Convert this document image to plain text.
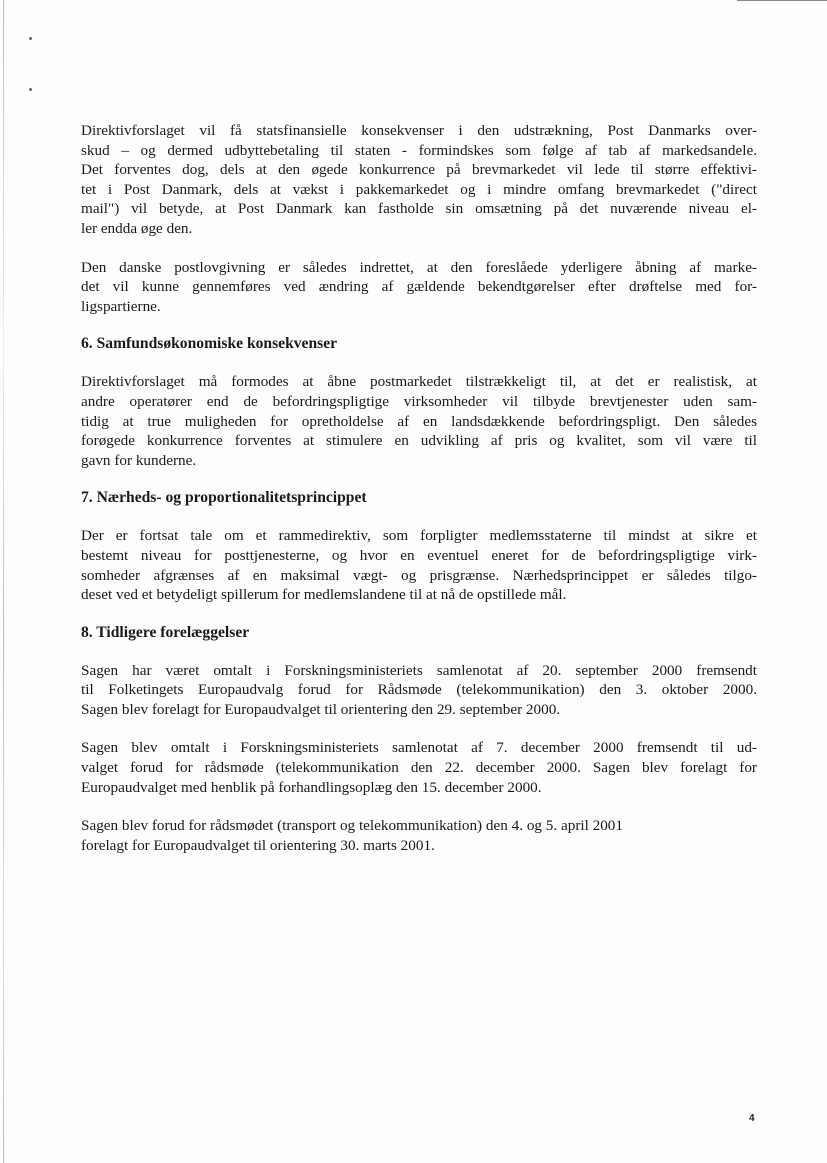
Direktivforslaget vil få statsfinansielle konsekvenser i den udstrækning, Post Danmarks over-
skud – og dermed udbyttebetaling til staten - formindskes som følge af tab af markedsandele.
Det forventes dog, dels at den øgede konkurrence på brevmarkedet vil lede til større effektivi-
tet i Post Danmark, dels at vækst i pakkemarkedet og i mindre omfang brevmarkedet ("direct
mail") vil betyde, at Post Danmark kan fastholde sin omsætning på det nuværende niveau el-
ler endda øge den.

Den danske postlovgivning er således indrettet, at den foreslåede yderligere åbning af marke-
det vil kunne gennemføres ved ændring af gældende bekendtgørelser efter drøftelse med for-
ligspartierne.

6. Samfundsøkonomiske konsekvenser

Direktivforslaget må formodes at åbne postmarkedet tilstrækkeligt til, at det er realistisk, at
andre operatører end de befordringspligtige virksomheder vil tilbyde brevtjenester uden sam-
tidig at true muligheden for opretholdelse af en landsdækkende befordringspligt. Den således
forøgede konkurrence forventes at stimulere en udvikling af pris og kvalitet, som vil være til
gavn for kunderne.

7. Nærheds- og proportionalitetsprincippet

Der er fortsat tale om et rammedirektiv, som forpligter medlemsstaterne til mindst at sikre et
bestemt niveau for posttjenesterne, og hvor en eventuel eneret for de befordringspligtige virk-
somheder afgrænses af en maksimal vægt- og prisgrænse. Nærhedsprincippet er således tilgo-
deset ved et betydeligt spillerum for medlemslandene til at nå de opstillede mål.

8. Tidligere forelæggelser

Sagen har været omtalt i Forskningsministeriets samlenotat af 20. september 2000 fremsendt
til Folketingets Europaudvalg forud for Rådsmøde (telekommunikation) den 3. oktober 2000.
Sagen blev forelagt for Europaudvalget til orientering den 29. september 2000.

Sagen blev omtalt i Forskningsministeriets samlenotat af 7. december 2000 fremsendt til ud-
valget forud for rådsmøde (telekommunikation den 22. december 2000. Sagen blev forelagt for
Europaudvalget med henblik på forhandlingsoplæg den 15. december 2000.

Sagen blev forud for rådsmødet (transport og telekommunikation) den 4. og 5. april 2001
forelagt for Europaudvalget til orientering 30. marts 2001.

4
